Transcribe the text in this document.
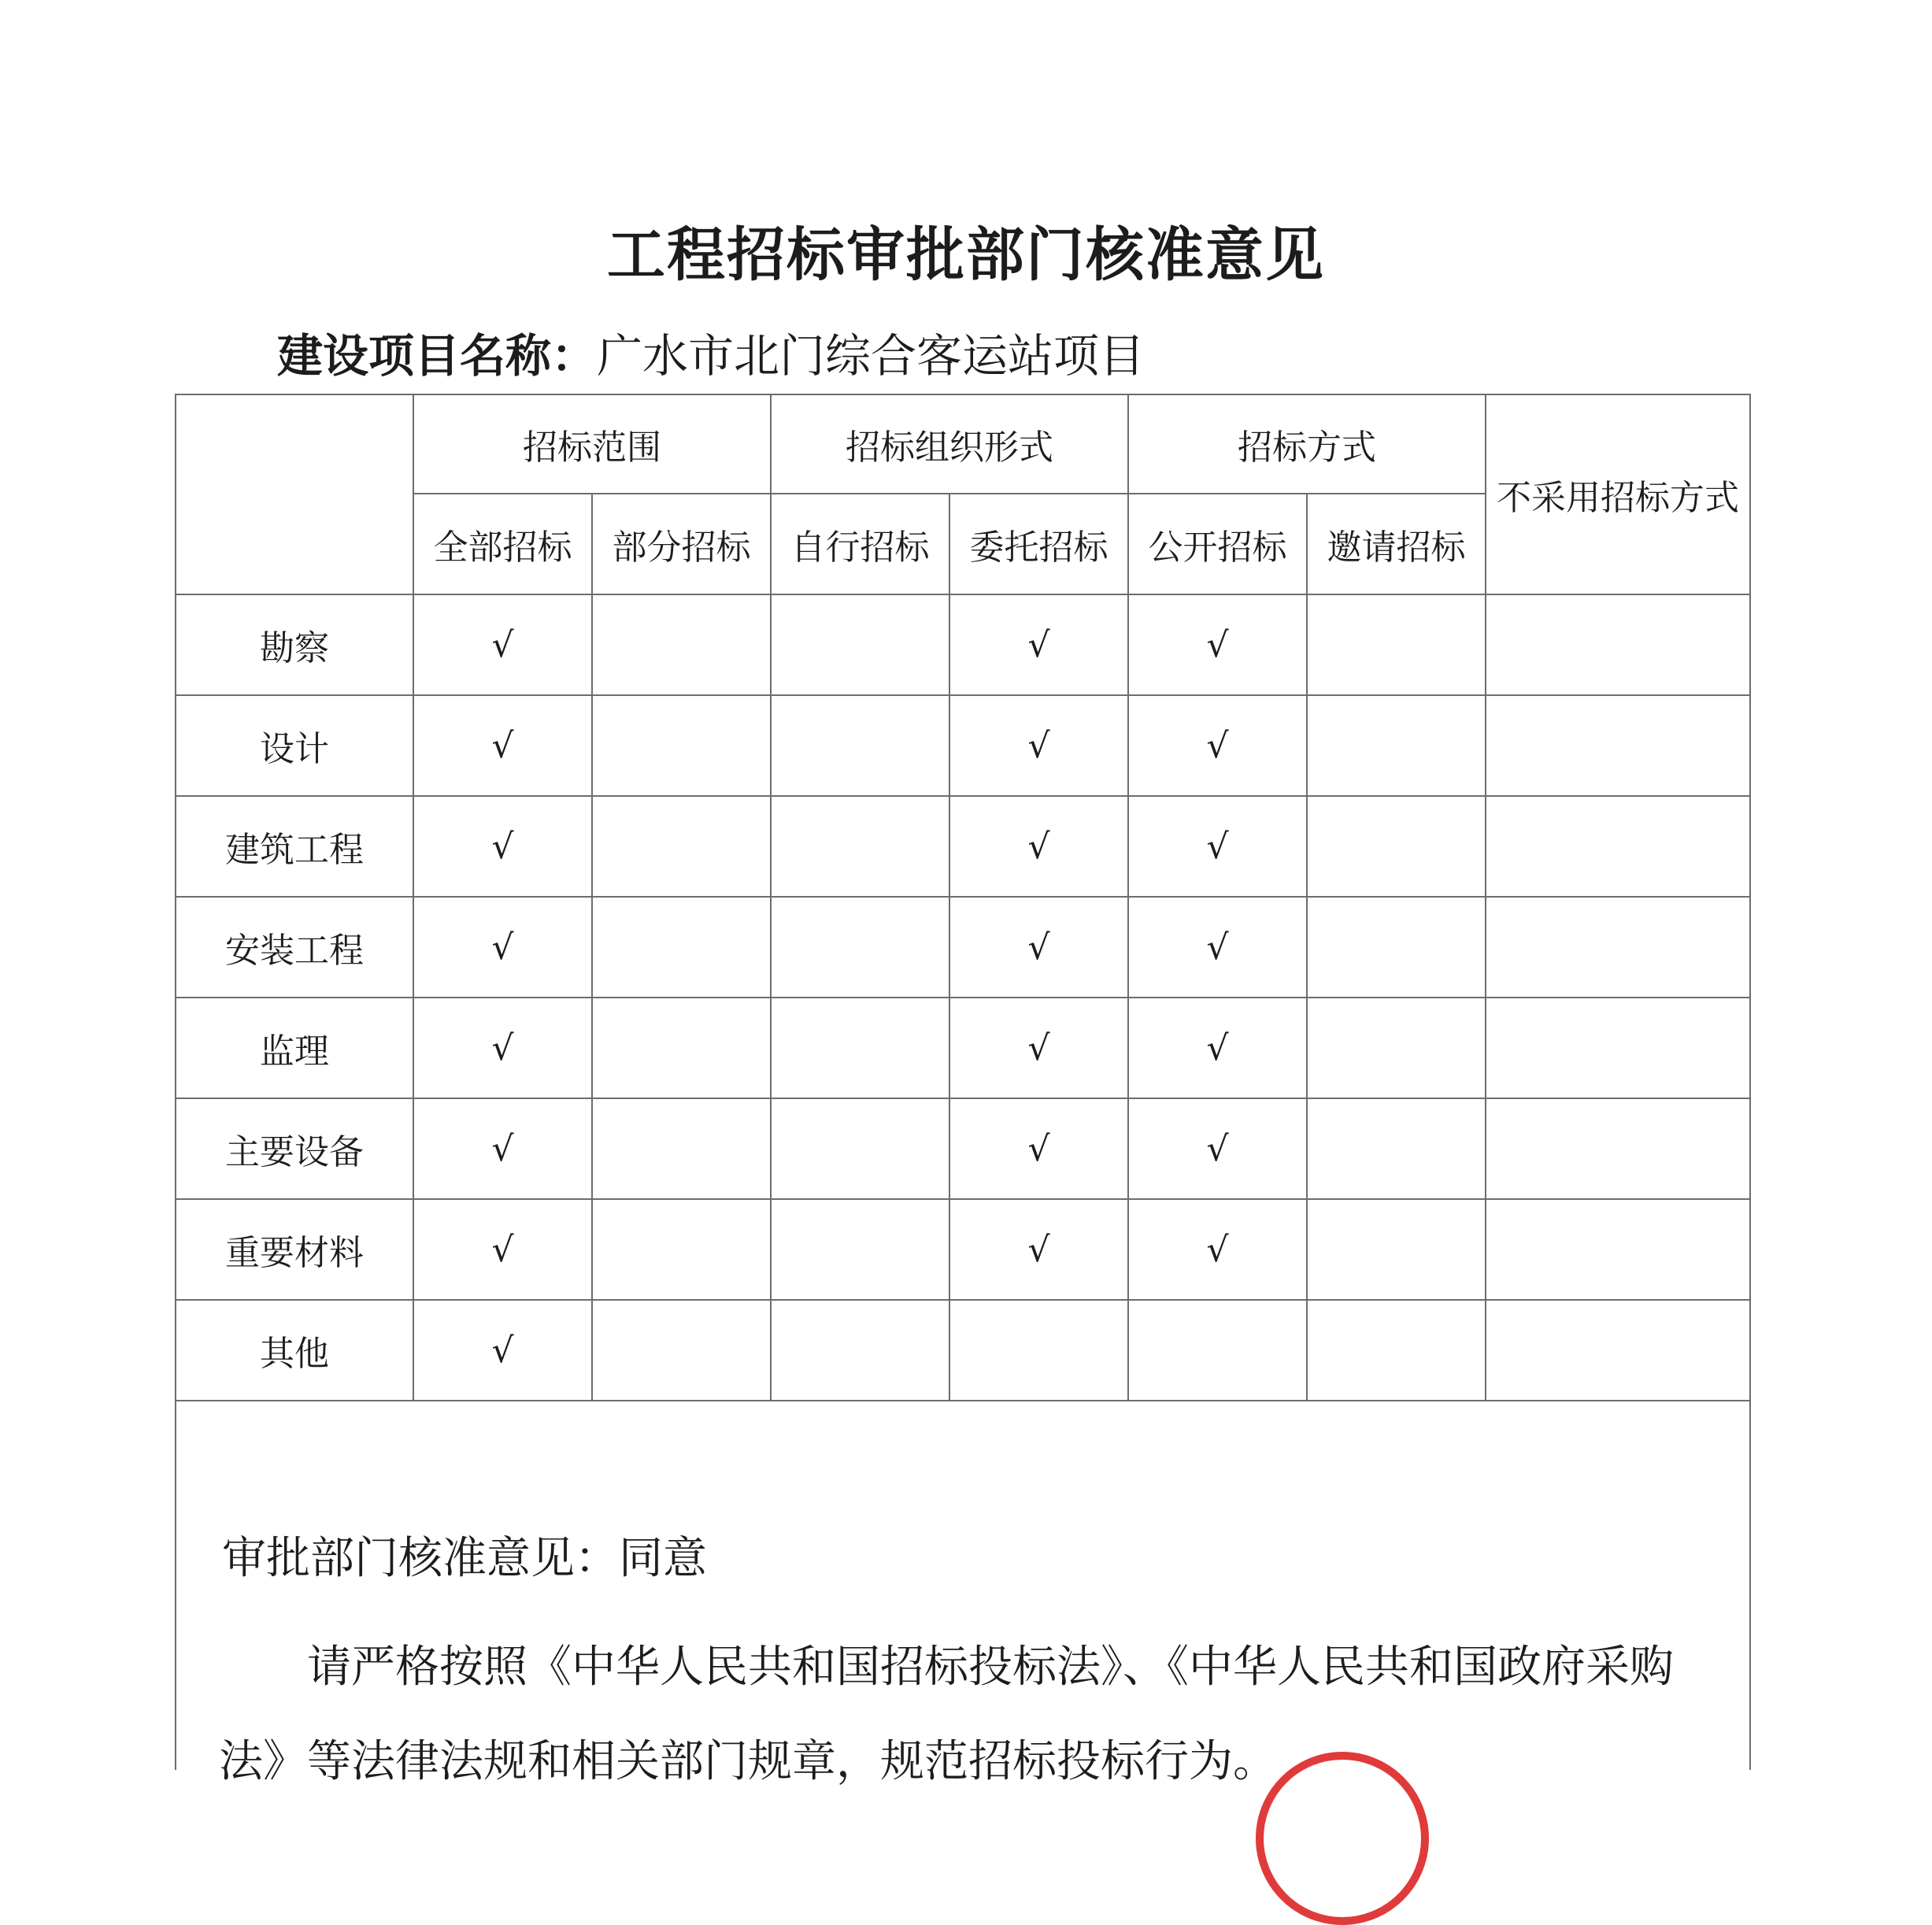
工程招标审批部门核准意见
建设项目名称：广水市北门综合客运站项目
	招标范围		招标组织形式		招标方式		不采用招标方式
	全部招标	部分招标	自行招标	委托招标	公开招标	邀请招标	
勘察	√			√	√		
设计	√			√	√		
建筑工程	√			√	√		
安装工程	√			√	√		
监理	√			√	√		
主要设备	√			√	√		
重要材料	√			√	√		
其他	√						
审批部门核准意见：同意
请严格按照《中华人民共和国招标投标法》、《中华人民共和国政府采购法》等法律法规和相关部门规章，规范招标投标行为。
